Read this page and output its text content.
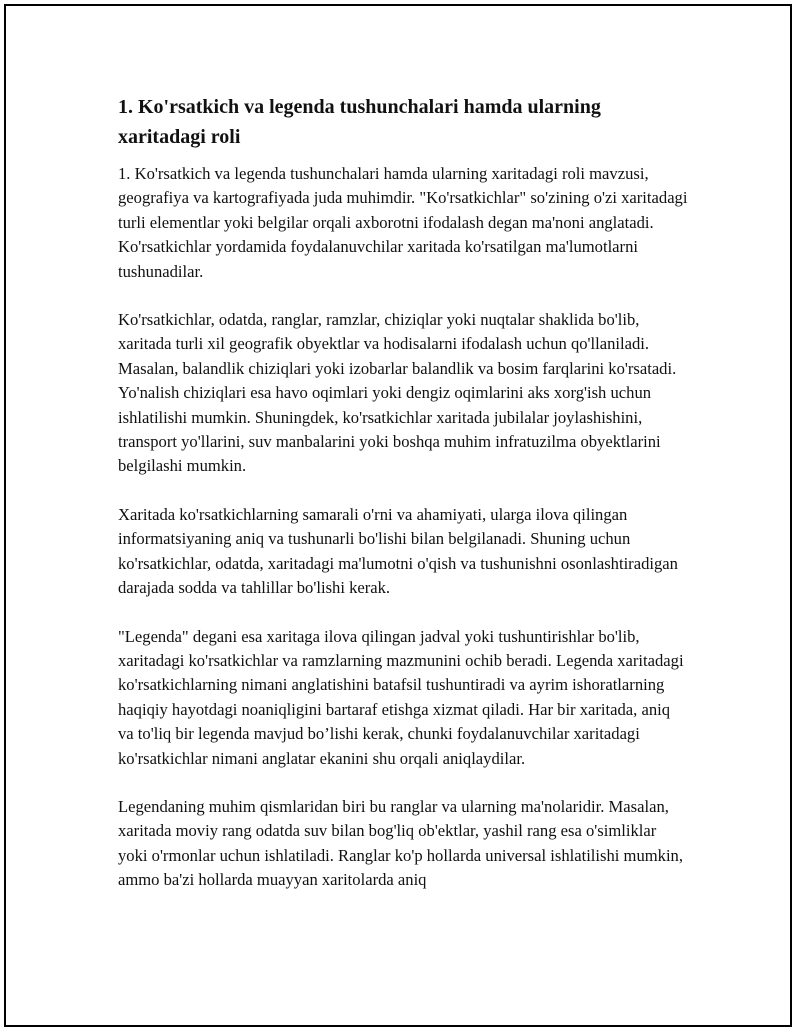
1. Ko'rsatkich va legenda tushunchalari hamda ularning xaritadagi roli

1. Ko'rsatkich va legenda tushunchalari hamda ularning xaritadagi roli mavzusi, geografiya va kartografiyada juda muhimdir. "Ko'rsatkichlar" so'zining o'zi xaritadagi turli elementlar yoki belgilar orqali axborotni ifodalash degan ma'noni anglatadi. Ko'rsatkichlar yordamida foydalanuvchilar xaritada ko'rsatilgan ma'lumotlarni tushunadilar.

Ko'rsatkichlar, odatda, ranglar, ramzlar, chiziqlar yoki nuqtalar shaklida bo'lib, xaritada turli xil geografik obyektlar va hodisalarni ifodalash uchun qo'llaniladi. Masalan, balandlik chiziqlari yoki izobarlar balandlik va bosim farqlarini ko'rsatadi. Yo'nalish chiziqlari esa havo oqimlari yoki dengiz oqimlarini aks xorg'ish uchun ishlatilishi mumkin. Shuningdek, ko'rsatkichlar xaritada jubilalar joylashishini, transport yo'llarini, suv manbalarini yoki boshqa muhim infratuzilma obyektlarini belgilashi mumkin.

Xaritada ko'rsatkichlarning samarali o'rni va ahamiyati, ularga ilova qilingan informatsiyaning aniq va tushunarli bo'lishi bilan belgilanadi. Shuning uchun ko'rsatkichlar, odatda, xaritadagi ma'lumotni o'qish va tushunishni osonlashtiradigan darajada sodda va tahlillar bo'lishi kerak.

"Legenda" degani esa xaritaga ilova qilingan jadval yoki tushuntirishlar bo'lib, xaritadagi ko'rsatkichlar va ramzlarning mazmunini ochib beradi. Legenda xaritadagi ko'rsatkichlarning nimani anglatishini batafsil tushuntiradi va ayrim ishoratlarning haqiqiy hayotdagi noaniqligini bartaraf etishga xizmat qiladi. Har bir xaritada, aniq va to'liq bir legenda mavjud bo’lishi kerak, chunki foydalanuvchilar xaritadagi ko'rsatkichlar nimani anglatar ekanini shu orqali aniqlaydilar.

Legendaning muhim qismlaridan biri bu ranglar va ularning ma'nolaridir. Masalan, xaritada moviy rang odatda suv bilan bog'liq ob'ektlar, yashil rang esa o'simliklar yoki o'rmonlar uchun ishlatiladi. Ranglar ko'p hollarda universal ishlatilishi mumkin, ammo ba'zi hollarda muayyan xaritolarda aniq
